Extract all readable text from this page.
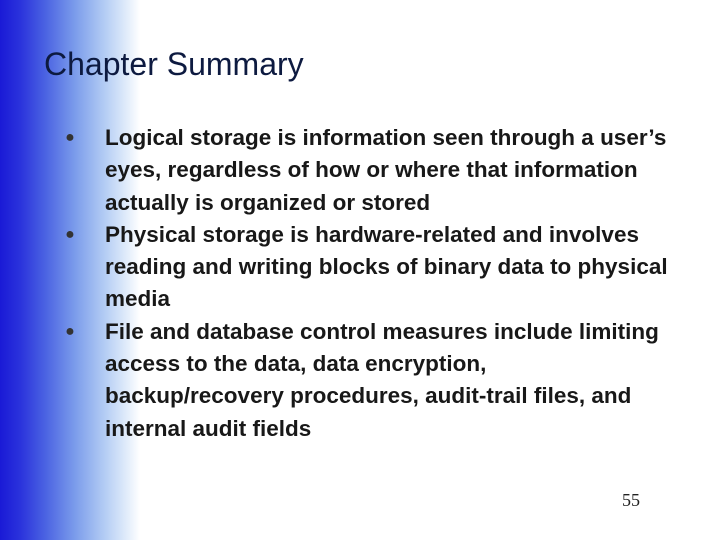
Chapter Summary
● Logical storage is information seen through a user’s eyes, regardless of how or where that information actually is organized or stored
● Physical storage is hardware-related and involves reading and writing blocks of binary data to physical media
● File and database control measures include limiting access to the data, data encryption, backup/recovery procedures, audit-trail files, and internal audit fields
55
